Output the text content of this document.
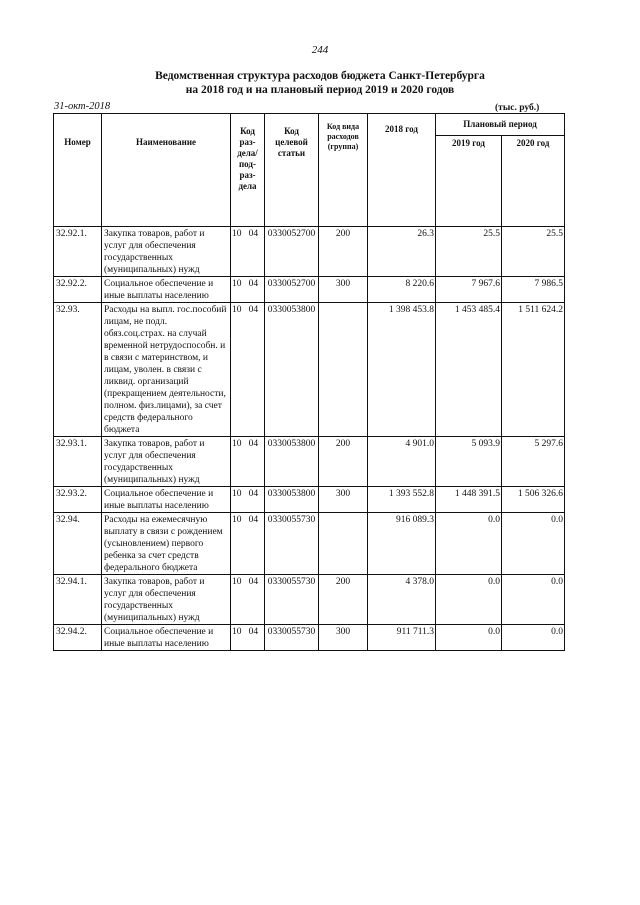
244
Ведомственная структура расходов бюджета Санкт-Петербурга
на 2018 год и на плановый период 2019 и 2020 годов
31-окт-2018	(тыс. руб.)
Номер	Наименование	Код раз-дела/ под-раз-дела	Код целевой статьи	Код вида расходов (группа)	2018 год	Плановый период	

						2019 год	2020 год

32.92.1.	Закупка товаров, работ и услуг для обеспечения государственных (муниципальных) нужд	10   04	0330052700	200	26.3	25.5	25.5
32.92.2.	Социальное обеспечение и иные выплаты населению	10   04	0330052700	300	8 220.6	7 967.6	7 986.5
32.93.	Расходы на выпл. гос.пособий лицам, не подл. обяз.соц.страх. на случай временной нетрудоспособн. и в связи с материнством, и лицам, уволен. в связи с ликвид. организаций (прекращением деятельности, полном. физ.лицами), за счет средств федерального бюджета	10   04	0330053800		1 398 453.8	1 453 485.4	1 511 624.2
32.93.1.	Закупка товаров, работ и услуг для обеспечения государственных (муниципальных) нужд	10   04	0330053800	200	4 901.0	5 093.9	5 297.6
32.93.2.	Социальное обеспечение и иные выплаты населению	10   04	0330053800	300	1 393 552.8	1 448 391.5	1 506 326.6
32.94.	Расходы на ежемесячную выплату в связи с рождением (усыновлением) первого ребенка за счет средств федерального бюджета	10   04	0330055730		916 089.3	0.0	0.0
32.94.1.	Закупка товаров, работ и услуг для обеспечения государственных (муниципальных) нужд	10   04	0330055730	200	4 378.0	0.0	0.0
32.94.2.	Социальное обеспечение и иные выплаты населению	10   04	0330055730	300	911 711.3	0.0	0.0
